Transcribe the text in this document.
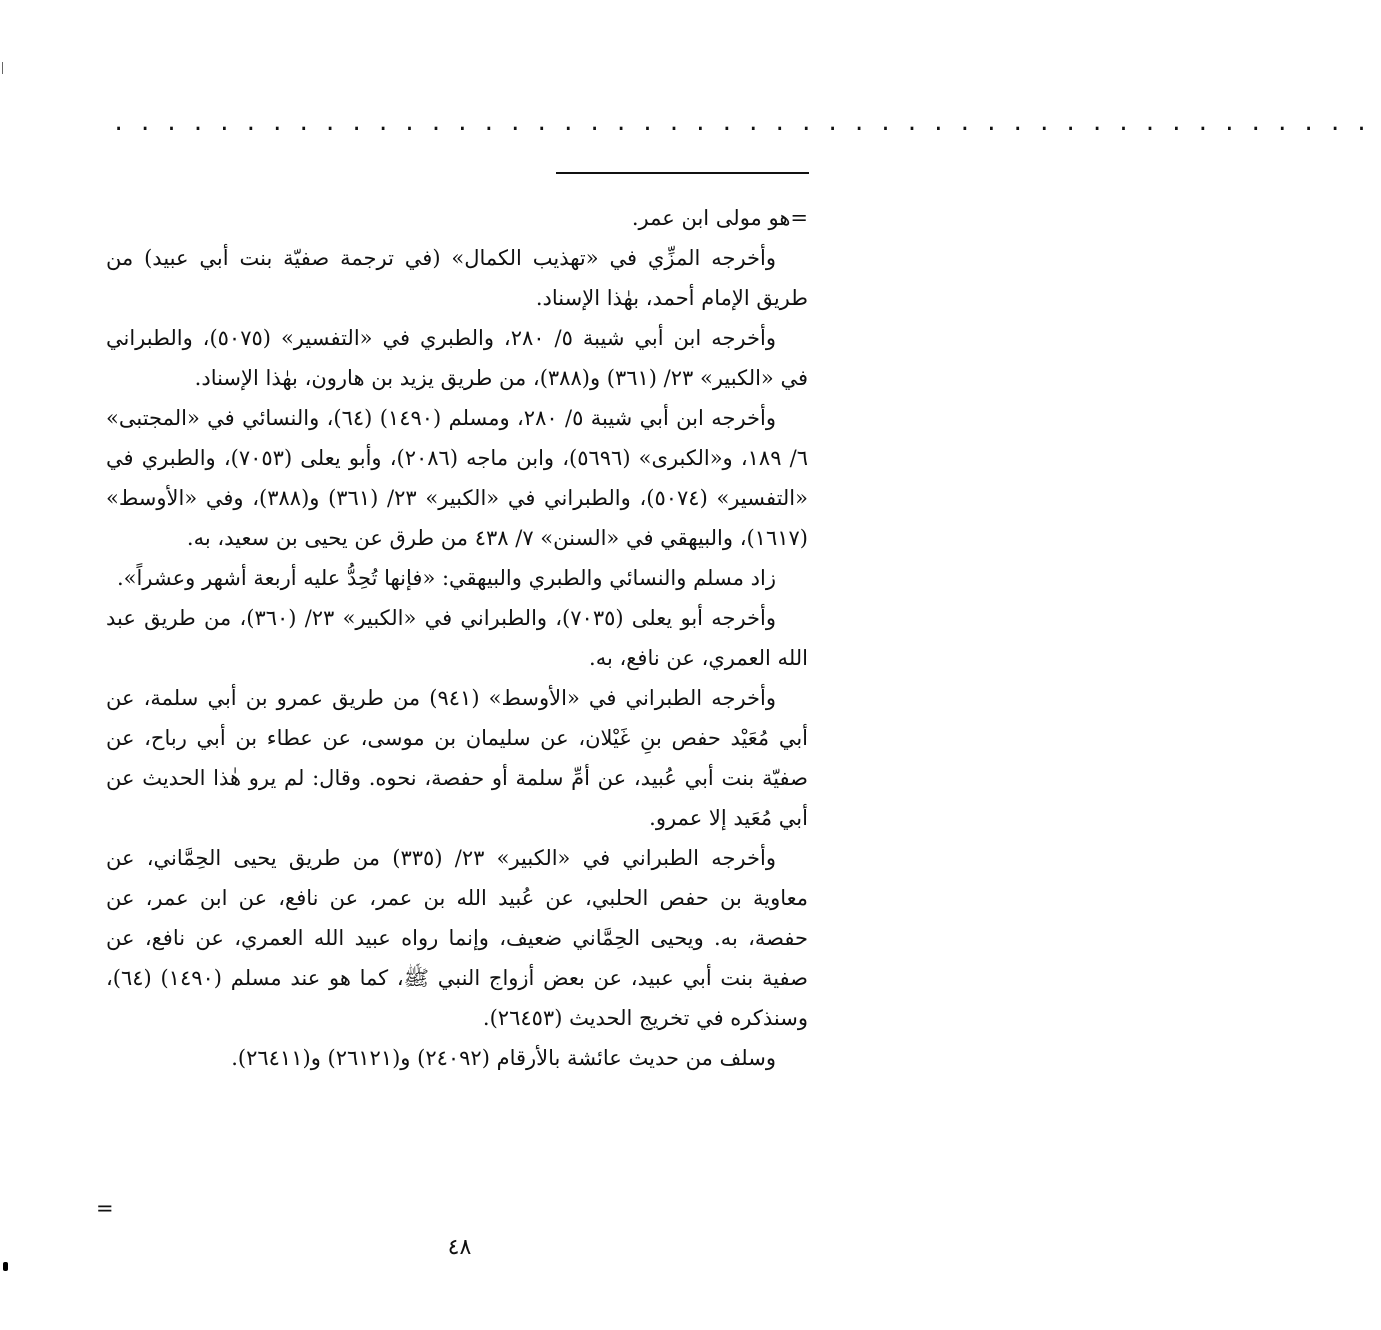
................................................

=هو مولى ابن عمر.

وأخرجه المزِّي في «تهذيب الكمال» (في ترجمة صفيّة بنت أبي عبيد) من طريق الإمام أحمد، بهٰذا الإسناد.

وأخرجه ابن أبي شيبة ٥/ ٢٨٠، والطبري في «التفسير» (٥٠٧٥)، والطبراني في «الكبير» ٢٣/ (٣٦١) و(٣٨٨)، من طريق يزيد بن هارون، بهٰذا الإسناد.

وأخرجه ابن أبي شيبة ٥/ ٢٨٠، ومسلم (١٤٩٠) (٦٤)، والنسائي في «المجتبى» ٦/ ١٨٩، و«الكبرى» (٥٦٩٦)، وابن ماجه (٢٠٨٦)، وأبو يعلى (٧٠٥٣)، والطبري في «التفسير» (٥٠٧٤)، والطبراني في «الكبير» ٢٣/ (٣٦١) و(٣٨٨)، وفي «الأوسط» (١٦١٧)، والبيهقي في «السنن» ٧/ ٤٣٨ من طرق عن يحيى بن سعيد، به.

زاد مسلم والنسائي والطبري والبيهقي: «فإنها تُحِدُّ عليه أربعة أشهر وعشراً».

وأخرجه أبو يعلى (٧٠٣٥)، والطبراني في «الكبير» ٢٣/ (٣٦٠)، من طريق عبد الله العمري، عن نافع، به.

وأخرجه الطبراني في «الأوسط» (٩٤١) من طريق عمرو بن أبي سلمة، عن أبي مُعَيْد حفص بنِ غَيْلان، عن سليمان بن موسى، عن عطاء بن أبي رباح، عن صفيّة بنت أبي عُبيد، عن أمِّ سلمة أو حفصة، نحوه. وقال: لم يرو هٰذا الحديث عن أبي مُعَيد إلا عمرو.

وأخرجه الطبراني في «الكبير» ٢٣/ (٣٣٥) من طريق يحيى الحِمَّاني، عن معاوية بن حفص الحلبي، عن عُبيد الله بن عمر، عن نافع، عن ابن عمر، عن حفصة، به. ويحيى الحِمَّاني ضعيف، وإنما رواه عبيد الله العمري، عن نافع، عن صفية بنت أبي عبيد، عن بعض أزواج النبي ﷺ، كما هو عند مسلم (١٤٩٠) (٦٤)، وسنذكره في تخريج الحديث (٢٦٤٥٣).

وسلف من حديث عائشة بالأرقام (٢٤٠٩٢) و(٢٦١٢١) و(٢٦٤١١).

=
٤٨
